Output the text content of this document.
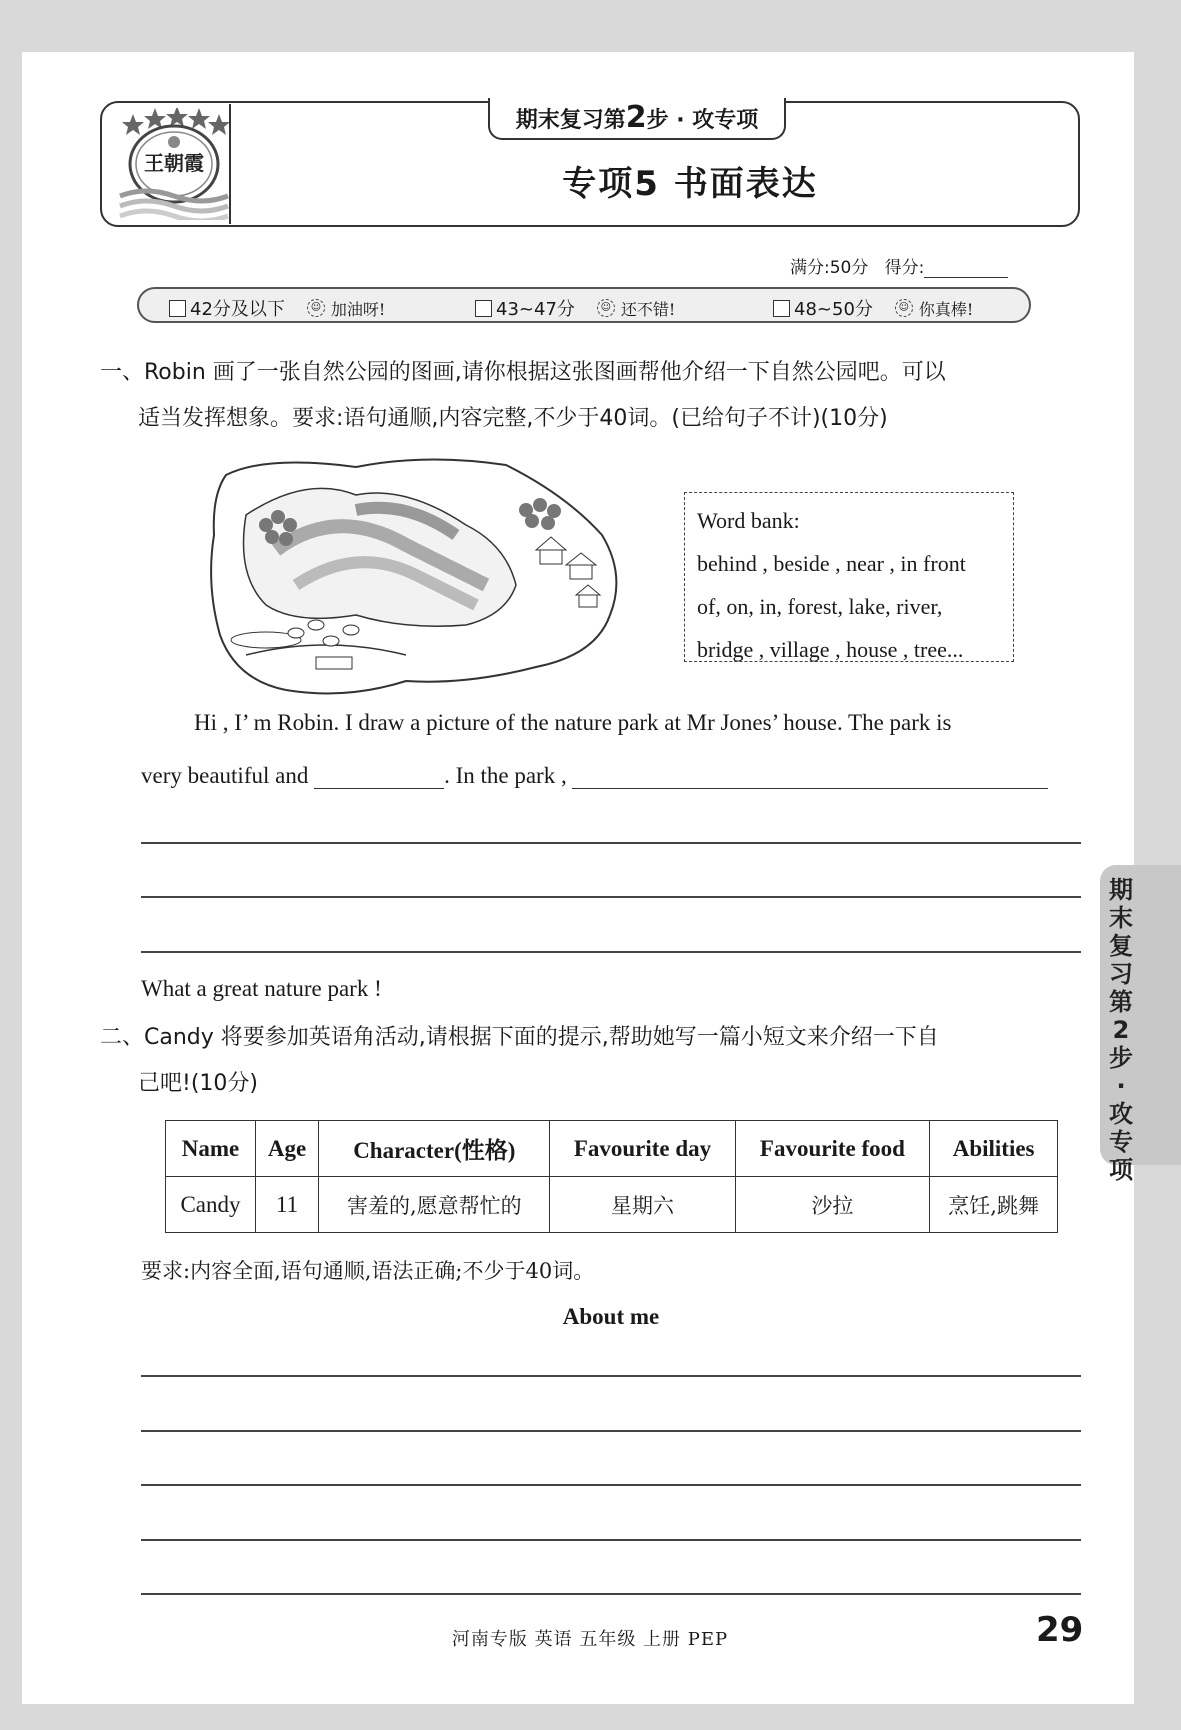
王朝霞
期末复习第2步 · 攻专项
专项5 书面表达
满分:50分 得分:
42分及以下	☺ 加油呀!	43~47分	☺ 还不错!	48~50分	☺ 你真棒!
一、Robin 画了一张自然公园的图画,请你根据这张图画帮他介绍一下自然公园吧。可以
适当发挥想象。要求:语句通顺,内容完整,不少于40词。(已给句子不计)(10分)
Word bank:
behind , beside , near , in front
of, on, in, forest, lake, river,
bridge , village , house , tree...
Hi , I’ m Robin. I draw a picture of the nature park at Mr Jones’ house. The park is
very beautiful and	. In the park ,
What a great nature park !
二、Candy 将要参加英语角活动,请根据下面的提示,帮助她写一篇小短文来介绍一下自
己吧!(10分)
Name	Age	Character(性格)	Favourite day	Favourite food	Abilities
Candy	11	害羞的,愿意帮忙的	星期六	沙拉	烹饪,跳舞
要求:内容全面,语句通顺,语法正确;不少于40词。
About me
河南专版 英语 五年级 上册 PEP	29
期
末
复
习
第
2
步
·
攻
专
项
